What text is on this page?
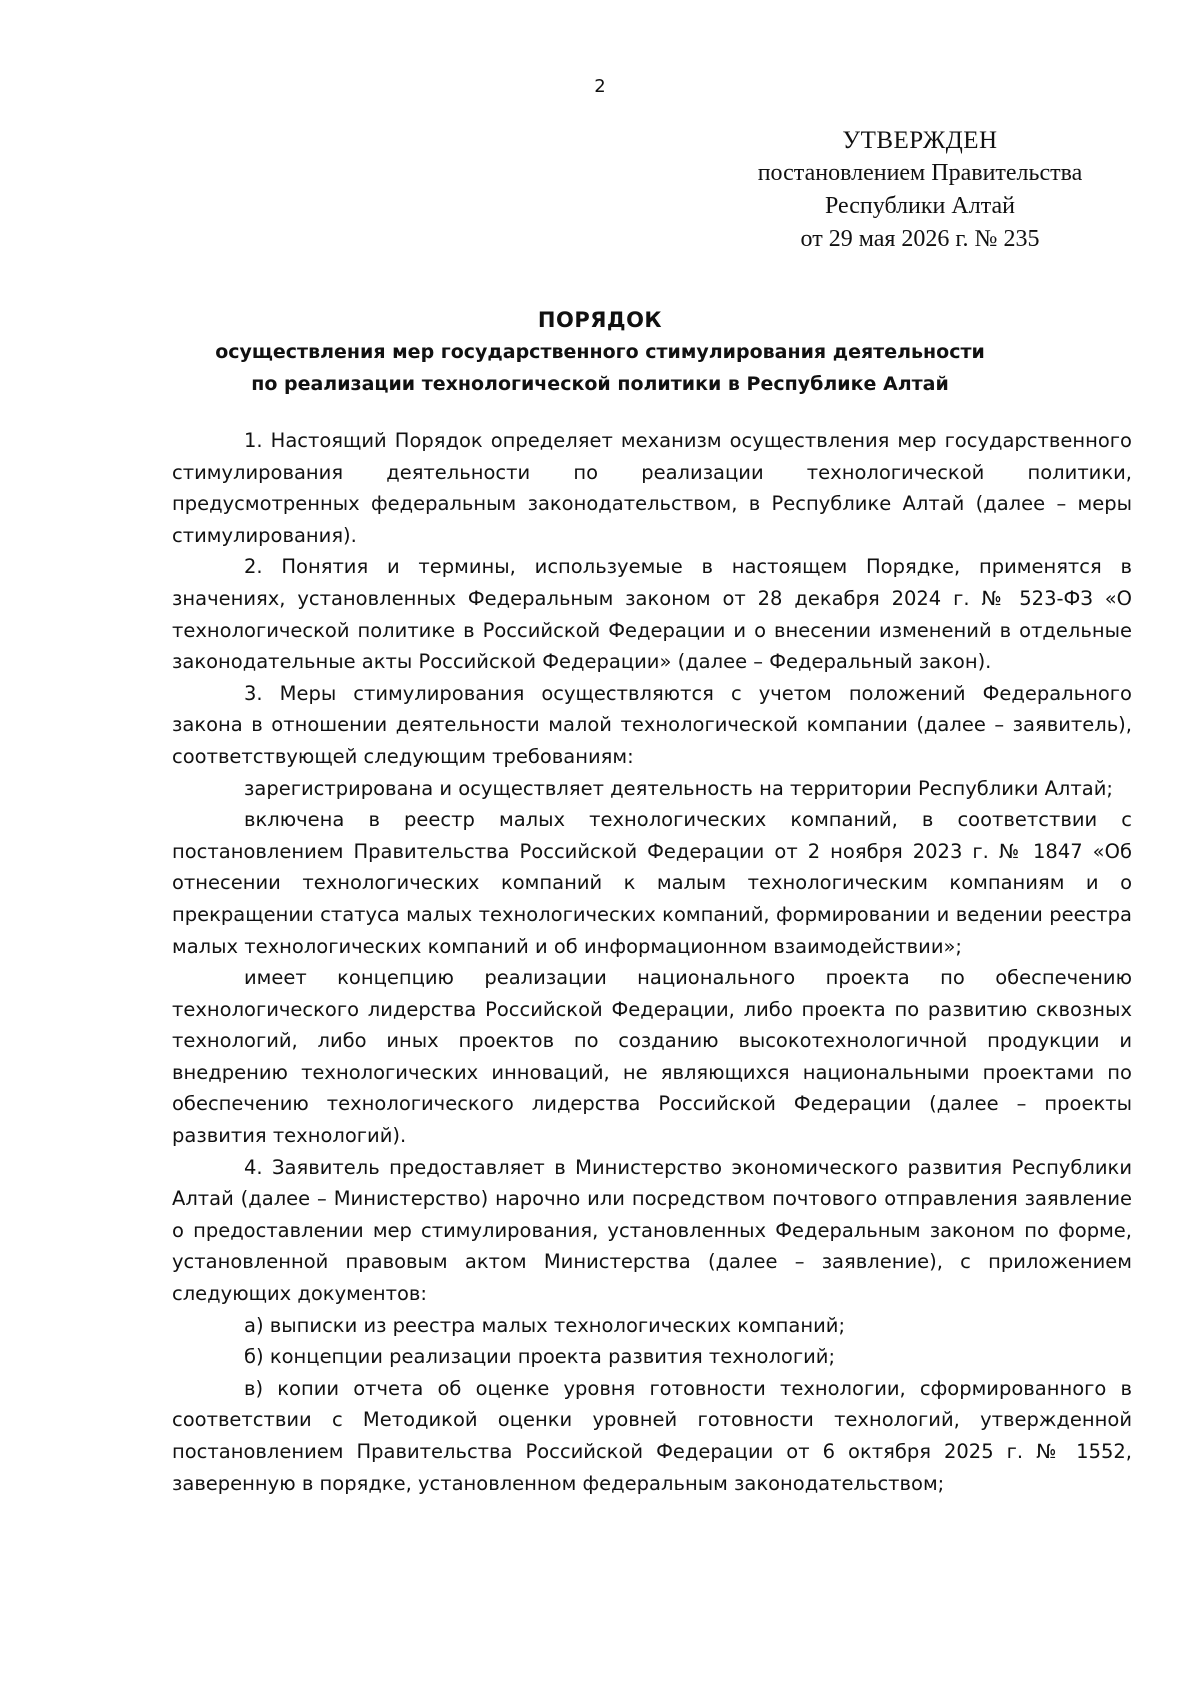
2
УТВЕРЖДЕН
постановлением Правительства
Республики Алтай
от 29 мая 2026 г. № 235
ПОРЯДОК
осуществления мер государственного стимулирования деятельности
по реализации технологической политики в Республике Алтай

1. Настоящий Порядок определяет механизм осуществления мер государственного стимулирования деятельности по реализации технологической политики, предусмотренных федеральным законодательством, в Республике Алтай (далее – меры стимулирования).

2. Понятия и термины, используемые в настоящем Порядке, применятся в значениях, установленных Федеральным законом от 28 декабря 2024 г. № 523-ФЗ «О технологической политике в Российской Федерации и о внесении изменений в отдельные законодательные акты Российской Федерации» (далее – Федеральный закон).

3. Меры стимулирования осуществляются с учетом положений Федерального закона в отношении деятельности малой технологической компании (далее – заявитель), соответствующей следующим требованиям:

зарегистрирована и осуществляет деятельность на территории Республики Алтай;

включена в реестр малых технологических компаний, в соответствии с постановлением Правительства Российской Федерации от 2 ноября 2023 г. № 1847 «Об отнесении технологических компаний к малым технологическим компаниям и о прекращении статуса малых технологических компаний, формировании и ведении реестра малых технологических компаний и об информационном взаимодействии»;

имеет концепцию реализации национального проекта по обеспечению технологического лидерства Российской Федерации, либо проекта по развитию сквозных технологий, либо иных проектов по созданию высокотехнологичной продукции и внедрению технологических инноваций, не являющихся национальными проектами по обеспечению технологического лидерства Российской Федерации (далее – проекты развития технологий).

4. Заявитель предоставляет в Министерство экономического развития Республики Алтай (далее – Министерство) нарочно или посредством почтового отправления заявление о предоставлении мер стимулирования, установленных Федеральным законом по форме, установленной правовым актом Министерства (далее – заявление), с приложением следующих документов:

а) выписки из реестра малых технологических компаний;

б) концепции реализации проекта развития технологий;

в) копии отчета об оценке уровня готовности технологии, сформированного в соответствии с Методикой оценки уровней готовности технологий, утвержденной постановлением Правительства Российской Федерации от 6 октября 2025 г. № 1552, заверенную в порядке, установленном федеральным законодательством;
